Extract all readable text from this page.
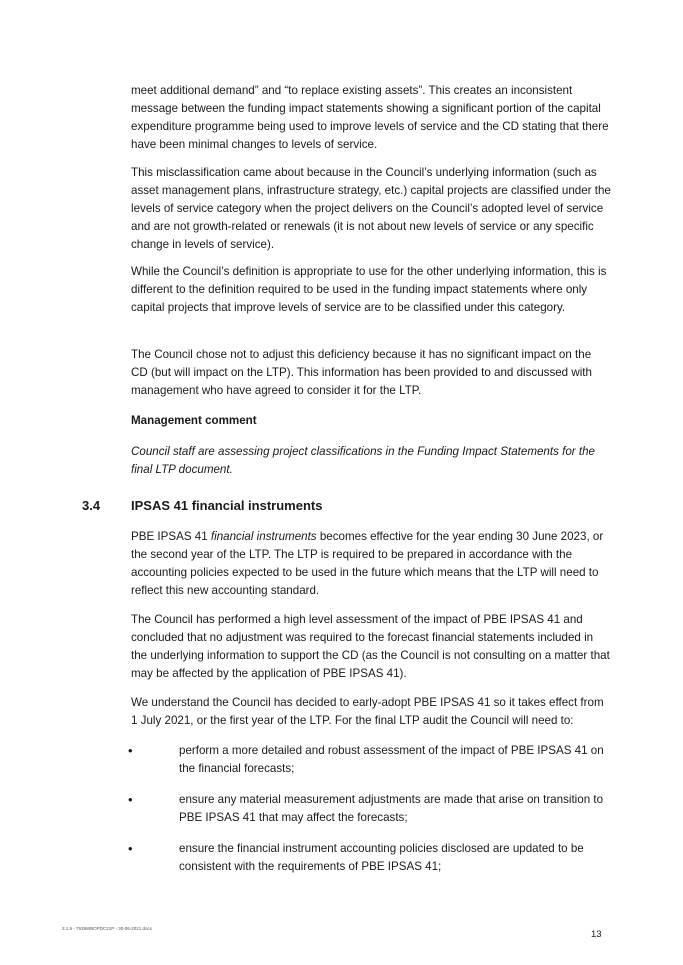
meet additional demand” and “to replace existing assets”. This creates an inconsistent message between the funding impact statements showing a significant portion of the capital expenditure programme being used to improve levels of service and the CD stating that there have been minimal changes to levels of service.

This misclassification came about because in the Council’s underlying information (such as asset management plans, infrastructure strategy, etc.) capital projects are classified under the levels of service category when the project delivers on the Council’s adopted level of service and are not growth-related or renewals (it is not about new levels of service or any specific change in levels of service).

While the Council’s definition is appropriate to use for the other underlying information, this is different to the definition required to be used in the funding impact statements where only capital projects that improve levels of service are to be classified under this category.

The Council chose not to adjust this deficiency because it has no significant impact on the CD (but will impact on the LTP). This information has been provided to and discussed with management who have agreed to consider it for the LTP.

Management comment

Council staff are assessing project classifications in the Funding Impact Statements for the final LTP document.

3.4 IPSAS 41 financial instruments

PBE IPSAS 41 financial instruments becomes effective for the year ending 30 June 2023, or the second year of the LTP. The LTP is required to be prepared in accordance with the accounting policies expected to be used in the future which means that the LTP will need to reflect this new accounting standard.

The Council has performed a high level assessment of the impact of PBE IPSAS 41 and concluded that no adjustment was required to the forecast financial statements included in the underlying information to support the CD (as the Council is not consulting on a matter that may be affected by the application of PBE IPSAS 41).

We understand the Council has decided to early-adopt PBE IPSAS 41 so it takes effect from 1 July 2021, or the first year of the LTP. For the final LTP audit the Council will need to:

•	perform a more detailed and robust assessment of the impact of PBE IPSAS 41 on the financial forecasts;

•	ensure any material measurement adjustments are made that arise on transition to PBE IPSAS 41 that may affect the forecasts;

•	ensure the financial instrument accounting policies disclosed are updated to be consistent with the requirements of PBE IPSAS 41;

3.1.9 - 7939WBOPDC21P - 30-06-2021.docx
13
